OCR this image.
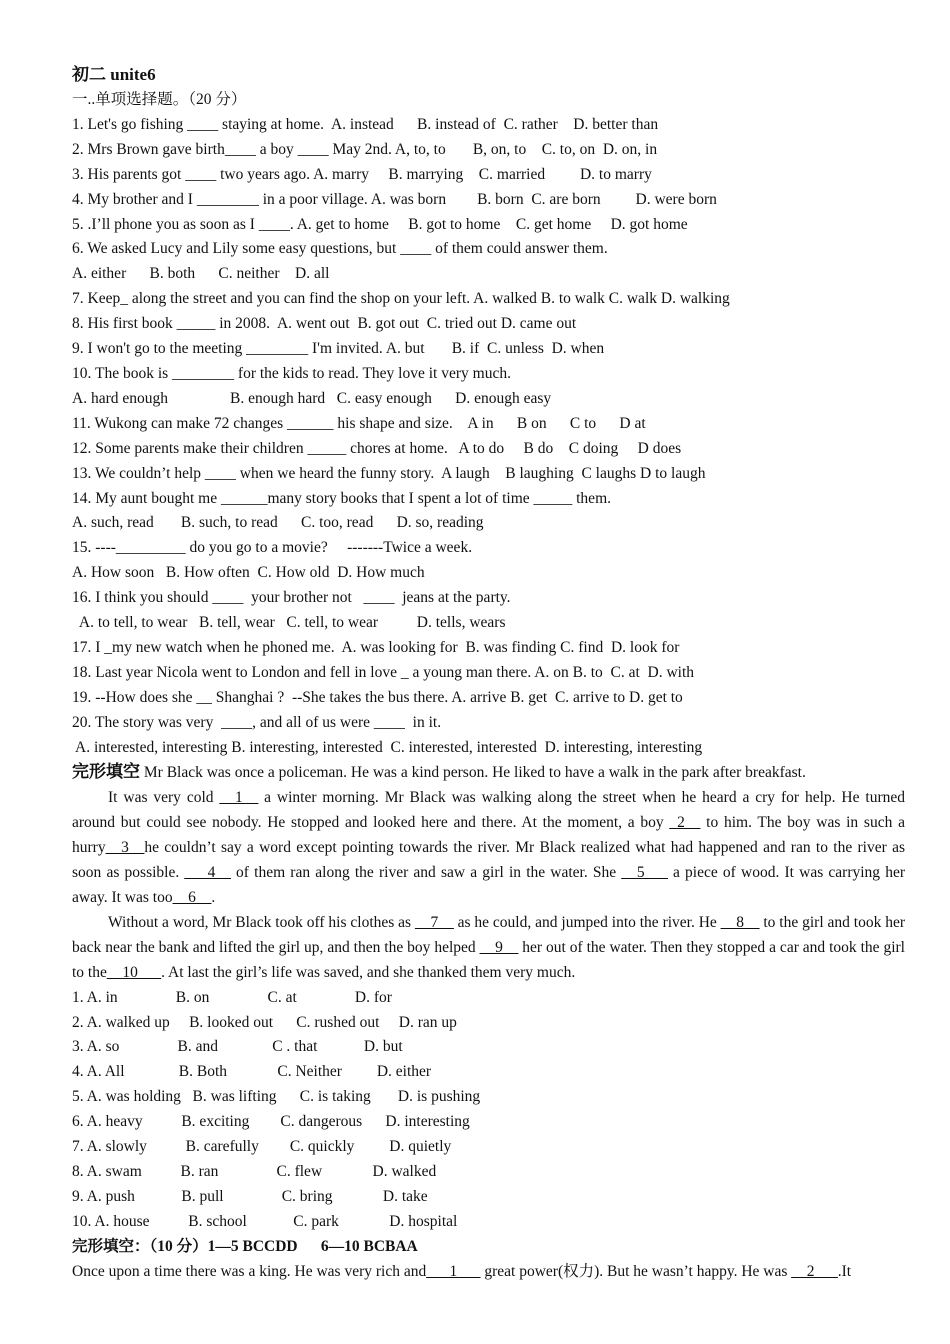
初二 unite6
一..单项选择题。（20 分）
1. Let's go fishing ____ staying at home.  A. instead      B. instead of  C. rather    D. better than
2. Mrs Brown gave birth____ a boy ____ May 2nd. A, to, to       B, on, to    C. to, on  D. on, in
3. His parents got ____ two years ago. A. marry     B. marrying    C. married         D. to marry
4. My brother and I ________ in a poor village. A. was born        B. born  C. are born         D. were born
5. .I’ll phone you as soon as I ____. A. get to home     B. got to home    C. get home     D. got home
6. We asked Lucy and Lily some easy questions, but ____ of them could answer them.
A. either      B. both      C. neither    D. all
7. Keep_ along the street and you can find the shop on your left. A. walked B. to walk C. walk D. walking
8. His first book _____ in 2008.  A. went out  B. got out  C. tried out D. came out
9. I won't go to the meeting ________ I'm invited. A. but       B. if  C. unless  D. when
10. The book is ________ for the kids to read. They love it very much.
A. hard enough                B. enough hard   C. easy enough      D. enough easy
11. Wukong can make 72 changes ______ his shape and size.    A in      B on      C to      D at
12. Some parents make their children _____ chores at home.   A to do     B do    C doing     D does
13. We couldn’t help ____ when we heard the funny story.  A laugh    B laughing  C laughs D to laugh
14. My aunt bought me ______many story books that I spent a lot of time _____ them.
A. such, read       B. such, to read      C. too, read      D. so, reading
15. ----_________ do you go to a movie?     -------Twice a week.
A. How soon   B. How often  C. How old  D. How much
16. I think you should ____  your brother not   ____  jeans at the party.
A. to tell, to wear   B. tell, wear   C. tell, to wear          D. tells, wears
17. I _my new watch when he phoned me.  A. was looking for  B. was finding C. find  D. look for
18. Last year Nicola went to London and fell in love _ a young man there. A. on B. to  C. at  D. with
19. --How does she __ Shanghai ?  --She takes the bus there. A. arrive B. get  C. arrive to D. get to
20. The story was very  ____, and all of us were ____  in it.
A. interested, interesting B. interesting, interested  C. interested, interested  D. interesting, interesting
完形填空 Mr Black was once a policeman. He was a kind person. He liked to have a walk in the park after breakfast.
It was very cold __1__ a winter morning. Mr Black was walking along the street when he heard a cry for help. He turned around but could see nobody. He stopped and looked here and there. At the moment, a boy _2__ to him. The boy was in such a hurry__3__he couldn’t say a word except pointing towards the river. Mr Black realized what had happened and ran to the river as soon as possible. ___4__ of them ran along the river and saw a girl in the water. She __5___ a piece of wood. It was carrying her away. It was too__6__.
Without a word, Mr Black took off his clothes as __7__ as he could, and jumped into the river. He __8__ to the girl and took her back near the bank and lifted the girl up, and then the boy helped __9__ her out of the water. Then they stopped a car and took the girl to the__10___. At last the girl’s life was saved, and she thanked them very much.
1. A. in               B. on               C. at               D. for
2. A. walked up     B. looked out      C. rushed out     D. ran up
3. A. so               B. and              C . that            D. but
4. A. All              B. Both             C. Neither         D. either
5. A. was holding   B. was lifting      C. is taking       D. is pushing
6. A. heavy          B. exciting        C. dangerous      D. interesting
7. A. slowly          B. carefully        C. quickly         D. quietly
8. A. swam          B. ran               C. flew             D. walked
9. A. push            B. pull               C. bring             D. take
10. A. house          B. school            C. park             D. hospital
完形填空：（10 分）1—5 BCCDD      6—10 BCBAA
Once upon a time there was a king. He was very rich and___1___ great power(权力). But he wasn’t happy. He was __2___.It
